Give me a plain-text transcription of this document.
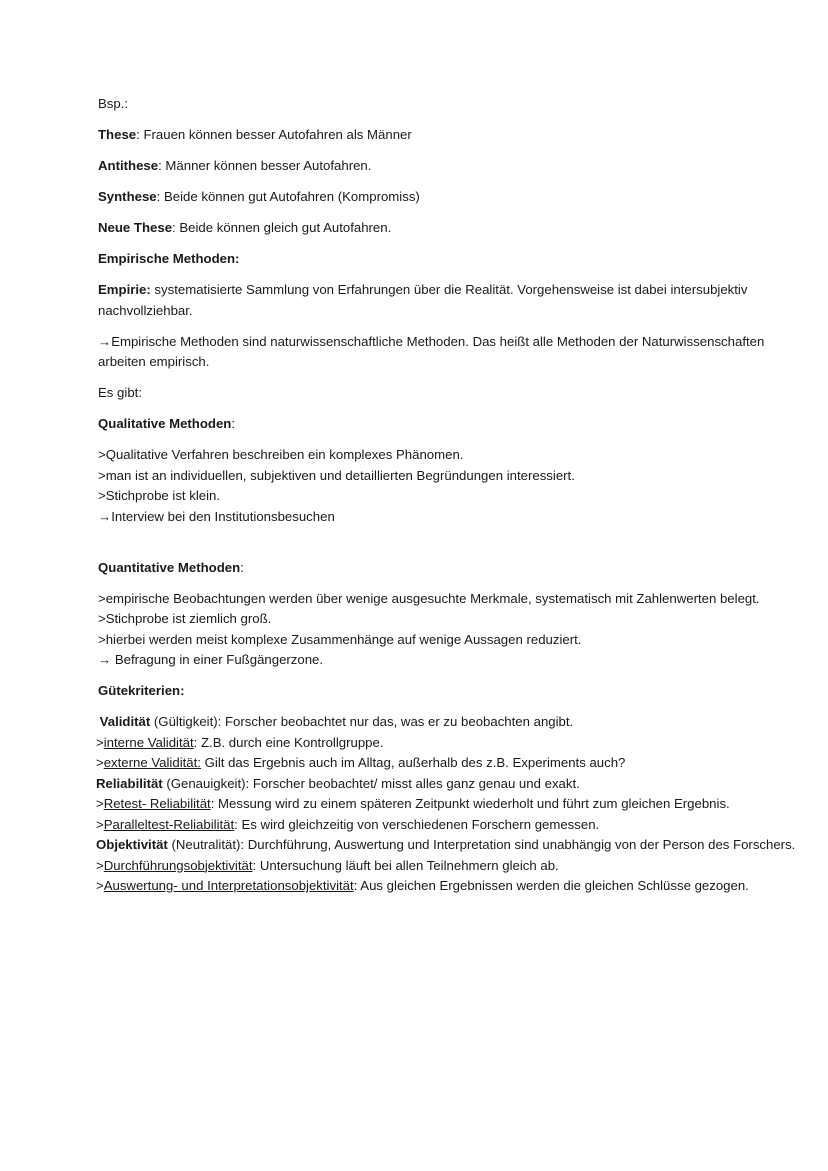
Bsp.:

These: Frauen können besser Autofahren als Männer

Antithese: Männer können besser Autofahren.

Synthese: Beide können gut Autofahren (Kompromiss)

Neue These: Beide können gleich gut Autofahren.

Empirische Methoden:

Empirie: systematisierte Sammlung von Erfahrungen über die Realität. Vorgehensweise ist dabei intersubjektiv nachvollziehbar.

→Empirische Methoden sind naturwissenschaftliche Methoden. Das heißt alle Methoden der Naturwissenschaften arbeiten empirisch.

Es gibt:

Qualitative Methoden:

>Qualitative Verfahren beschreiben ein komplexes Phänomen.
>man ist an individuellen, subjektiven und detaillierten Begründungen interessiert.
>Stichprobe ist klein.
→Interview bei den Institutionsbesuchen

Quantitative Methoden:

>empirische Beobachtungen werden über wenige ausgesuchte Merkmale, systematisch mit Zahlenwerten belegt.
>Stichprobe ist ziemlich groß.
>hierbei werden meist komplexe Zusammenhänge auf wenige Aussagen reduziert.
→ Befragung in einer Fußgängerzone.

Gütekriterien:

Validität (Gültigkeit): Forscher beobachtet nur das, was er zu beobachten angibt.
>interne Validität: Z.B. durch eine Kontrollgruppe.
>externe Validität: Gilt das Ergebnis auch im Alltag, außerhalb des z.B. Experiments auch?
Reliabilität (Genauigkeit): Forscher beobachtet/ misst alles ganz genau und exakt.
>Retest- Reliabilität: Messung wird zu einem späteren Zeitpunkt wiederholt und führt zum gleichen Ergebnis.
>Paralleltest-Reliabilität: Es wird gleichzeitig von verschiedenen Forschern gemessen.
Objektivität (Neutralität): Durchführung, Auswertung und Interpretation sind unabhängig von der Person des Forschers.
>Durchführungsobjektivität: Untersuchung läuft bei allen Teilnehmern gleich ab.
>Auswertung- und Interpretationsobjektivität: Aus gleichen Ergebnissen werden die gleichen Schlüsse gezogen.
